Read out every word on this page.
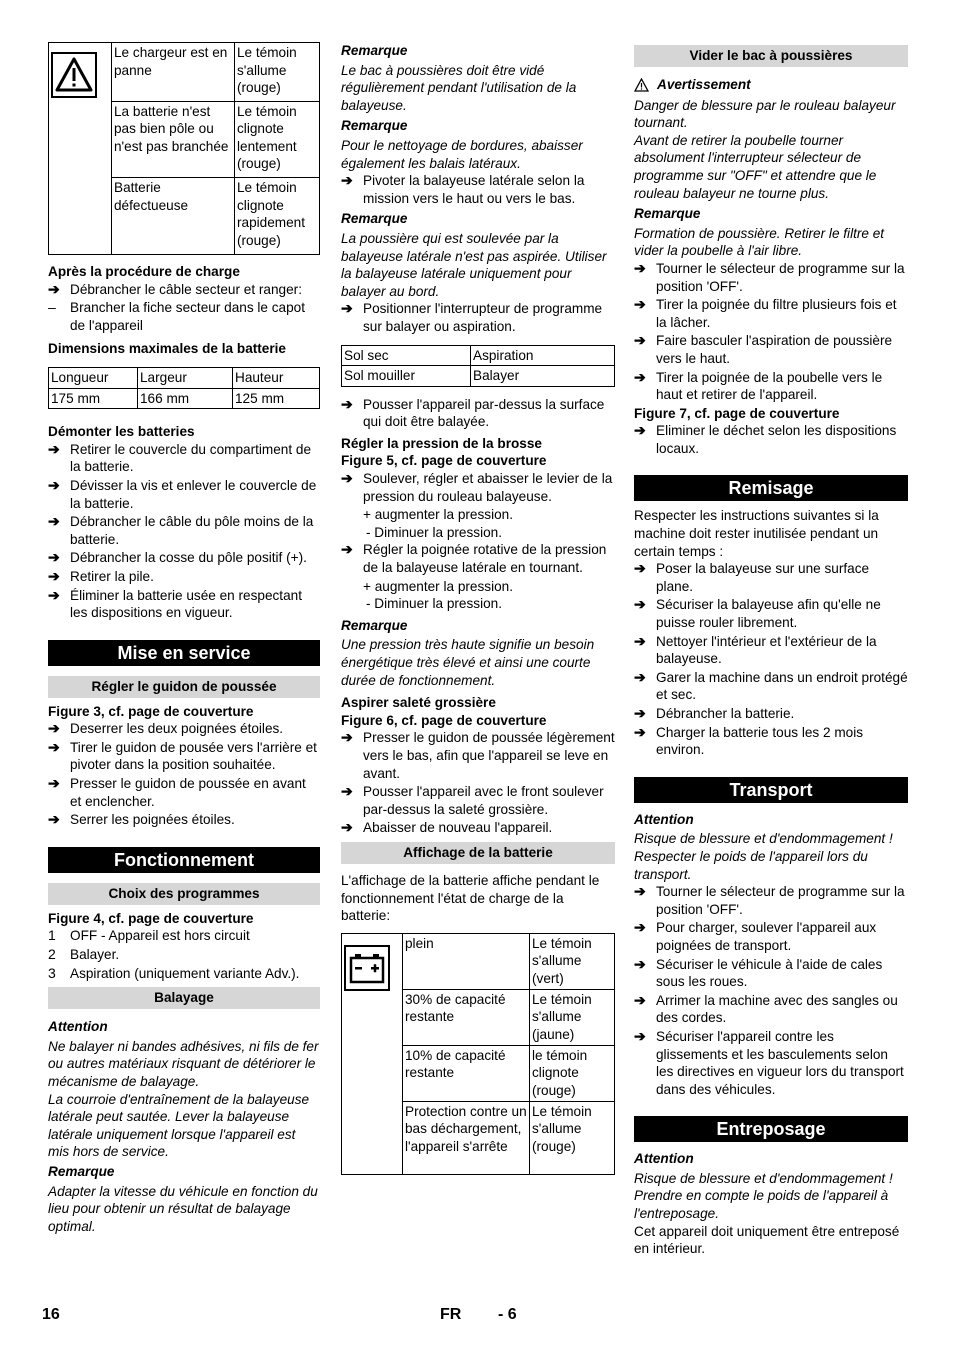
	Le chargeur est en panne	Le témoin s'allume (rouge)
	La batterie n'est pas bien pôle ou n'est pas branchée	Le témoin clignote lentement (rouge)
	Batterie défectueuse	Le témoin clignote rapidement (rouge)

Après la procédure de charge

➔ Débrancher le câble secteur et ranger:
–	Brancher la fiche secteur dans le capot de l'appareil

Dimensions maximales de la batterie

Longueur	Largeur	Hauteur
175 mm	166 mm	125 mm

Démonter les batteries

➔ Retirer le couvercle du compartiment de la batterie.
➔ Dévisser la vis et enlever le couvercle de la batterie.
➔ Débrancher le câble du pôle moins de la batterie.
➔ Débrancher la cosse du pôle positif (+).
➔ Retirer la pile.
➔ Éliminer la batterie usée en respectant les dispositions en vigueur.

Mise en service

Régler le guidon de poussée

Figure 3, cf. page de couverture

➔ Deserrer les deux poignées étoiles.
➔ Tirer le guidon de pousée vers l'arrière et pivoter dans la position souhaitée.
➔ Presser le guidon de poussée en avant et enclencher.
➔ Serrer les poignées étoiles.

Fonctionnement

Choix des programmes

Figure 4, cf. page de couverture

1	OFF - Appareil est hors circuit
2	Balayer.
3	Aspiration (uniquement variante Adv.).

Balayage

Attention

Ne balayer ni bandes adhésives, ni fils de fer ou autres matériaux risquant de détériorer le mécanisme de balayage.

La courroie d'entraînement de la balayeuse latérale peut sautée. Lever la balayeuse latérale uniquement lorsque l'appareil est mis hors de service.

Remarque

Adapter la vitesse du véhicule en fonction du lieu pour obtenir un résultat de balayage optimal.

Remarque

Le bac à poussières doit être vidé régulièrement pendant l'utilisation de la balayeuse.

Remarque

Pour le nettoyage de bordures, abaisser également les balais latéraux.

➔ Pivoter la balayeuse latérale selon la mission vers le haut ou vers le bas.

Remarque

La poussière qui est soulevée par la balayeuse latérale n'est pas aspirée. Utiliser la balayeuse latérale uniquement pour balayer au bord.

➔ Positionner l'interrupteur de programme sur balayer ou aspiration.
Sol sec	Aspiration
Sol mouiller	Balayer
➔ Pousser l'appareil par-dessus la surface qui doit être balayée.

Régler la pression de la brosse

Figure 5, cf. page de couverture

➔ Soulever, régler et abaisser le levier de la pression du rouleau balayeuse.

+ augmenter la pression.

- Diminuer la pression.

➔ Régler la poignée rotative de la pression de la balayeuse latérale en tournant.

+ augmenter la pression.

- Diminuer la pression.

Remarque

Une pression très haute signifie un besoin énergétique très élevé et ainsi une courte durée de fonctionnement.

Aspirer saleté grossière

Figure 6, cf. page de couverture

➔ Presser le guidon de poussée légèrement vers le bas, afin que l'appareil se leve en avant.
➔ Pousser l'appareil avec le front soulever par-dessus la saleté grossière.
➔ Abaisser de nouveau l'appareil.

Affichage de la batterie

L'affichage de la batterie affiche pendant le fonctionnement l'état de charge de la batterie:

	plein	Le témoin s'allume (vert)
	30% de capacité restante	Le témoin s'allume (jaune)
	10% de capacité restante	le témoin clignote (rouge)
	Protection contre un bas déchargement, l'appareil s'arrête	Le témoin s'allume (rouge)

Vider le bac à poussières

Avertissement

Danger de blessure par le rouleau balayeur tournant.

Avant de retirer la poubelle tourner absolument l'interrupteur sélecteur de programme sur "OFF" et attendre que le rouleau balayeur ne tourne plus.

Remarque

Formation de poussière. Retirer le filtre et vider la poubelle à l'air libre.

➔ Tourner le sélecteur de programme sur la position 'OFF'.
➔ Tirer la poignée du filtre plusieurs fois et la lâcher.
➔ Faire basculer l'aspiration de poussière vers le haut.
➔ Tirer la poignée de la poubelle vers le haut et retirer de l'appareil.

Figure 7, cf. page de couverture

➔ Eliminer le déchet selon les dispositions locaux.

Remisage

Respecter les instructions suivantes si la machine doit rester inutilisée pendant un certain temps :

➔ Poser la balayeuse sur une surface plane.
➔ Sécuriser la balayeuse afin qu'elle ne puisse rouler librement.
➔ Nettoyer l'intérieur et l'extérieur de la balayeuse.
➔ Garer la machine dans un endroit protégé et sec.
➔ Débrancher la batterie.
➔ Charger la batterie tous les 2 mois environ.

Transport

Attention

Risque de blessure et d'endommagement ! Respecter le poids de l'appareil lors du transport.

➔ Tourner le sélecteur de programme sur la position 'OFF'.
➔ Pour charger, soulever l'appareil aux poignées de transport.
➔ Sécuriser le véhicule à l'aide de cales sous les roues.
➔ Arrimer la machine avec des sangles ou des cordes.
➔ Sécuriser l'appareil contre les glissements et les basculements selon les directives en vigueur lors du transport dans des véhicules.

Entreposage

Attention

Risque de blessure et d'endommagement ! Prendre en compte le poids de l'appareil à l'entreposage.

Cet appareil doit uniquement être entreposé en intérieur.

16	FR - 6
